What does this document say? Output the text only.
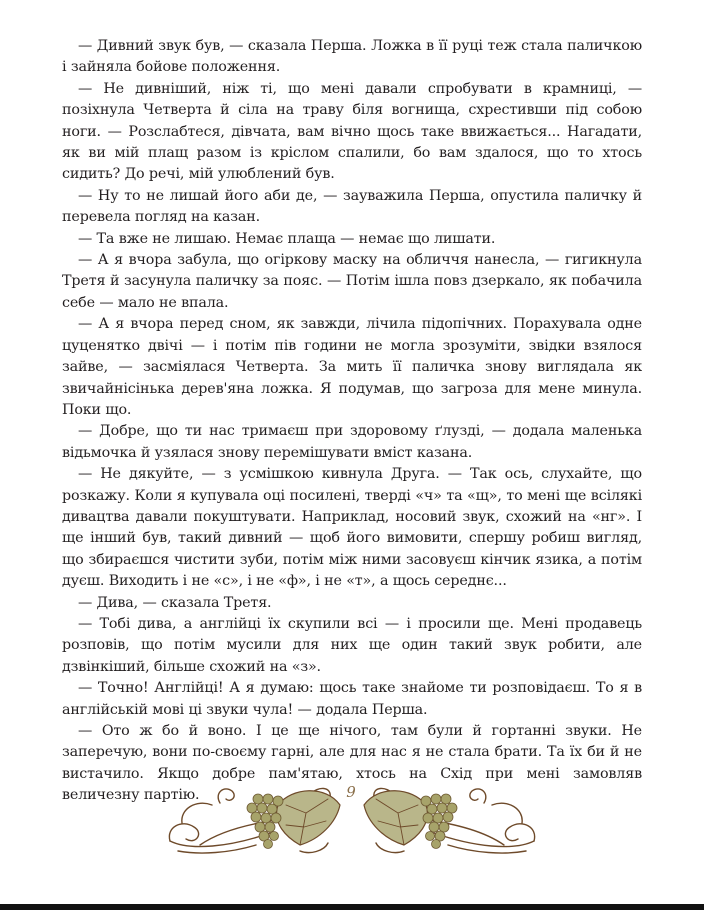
— Дивний звук був, — сказала Перша. Ложка в її руці теж стала паличкою і зайняла бойове положення.

— Не дивніший, ніж ті, що мені давали спробувати в крамниці, — позіхнула Четверта й сіла на траву біля вогнища, схрестивши під собою ноги. — Розслабтеся, дівчата, вам вічно щось таке ввижається... Нагадати, як ви мій плащ разом із кріслом спалили, бо вам здалося, що то хтось сидить? До речі, мій улюблений був.

— Ну то не лишай його аби де, — зауважила Перша, опустила паличку й перевела погляд на казан.

— Та вже не лишаю. Немає плаща — немає що лишати.

— А я вчора забула, що огіркову маску на обличчя нанесла, — гигикнула Третя й засунула паличку за пояс. — Потім ішла повз дзеркало, як побачила себе — мало не впала.

— А я вчора перед сном, як завжди, лічила підопічних. Порахувала одне цуценятко двічі — і потім пів години не могла зрозуміти, звідки взялося зайве, — засміялася Четверта. За мить її паличка знову виглядала як звичайнісінька дерев'яна ложка. Я подумав, що загроза для мене минула. Поки що.

— Добре, що ти нас тримаєш при здоровому ґлузді, — додала маленька відьмочка й узялася знову перемішувати вміст казана.

— Не дякуйте, — з усмішкою кивнула Друга. — Так ось, слухайте, що розкажу. Коли я купувала оці посилені, тверді «ч» та «щ», то мені ще всілякі дивацтва давали покуштувати. Наприклад, носовий звук, схожий на «нг». І ще інший був, такий дивний — щоб його вимовити, спершу робиш вигляд, що збираєшся чистити зуби, потім між ними засовуєш кінчик язика, а потім дуєш. Виходить і не «с», і не «ф», і не «т», а щось середнє...

— Дива, — сказала Третя.

— Тобі дива, а англійці їх скупили всі — і просили ще. Мені продавець розповів, що потім мусили для них ще один такий звук робити, але дзвінкіший, більше схожий на «з».

— Точно! Англійці! А я думаю: щось таке знайоме ти розповідаєш. То я в англійській мові ці звуки чула! — додала Перша.

— Ото ж бо й воно. І це ще нічого, там були й гортанні звуки. Не заперечую, вони по-своєму гарні, але для нас я не стала брати. Та їх би й не вистачило. Якщо добре пам'ятаю, хтось на Схід при мені замовляв величезну партію.	9
